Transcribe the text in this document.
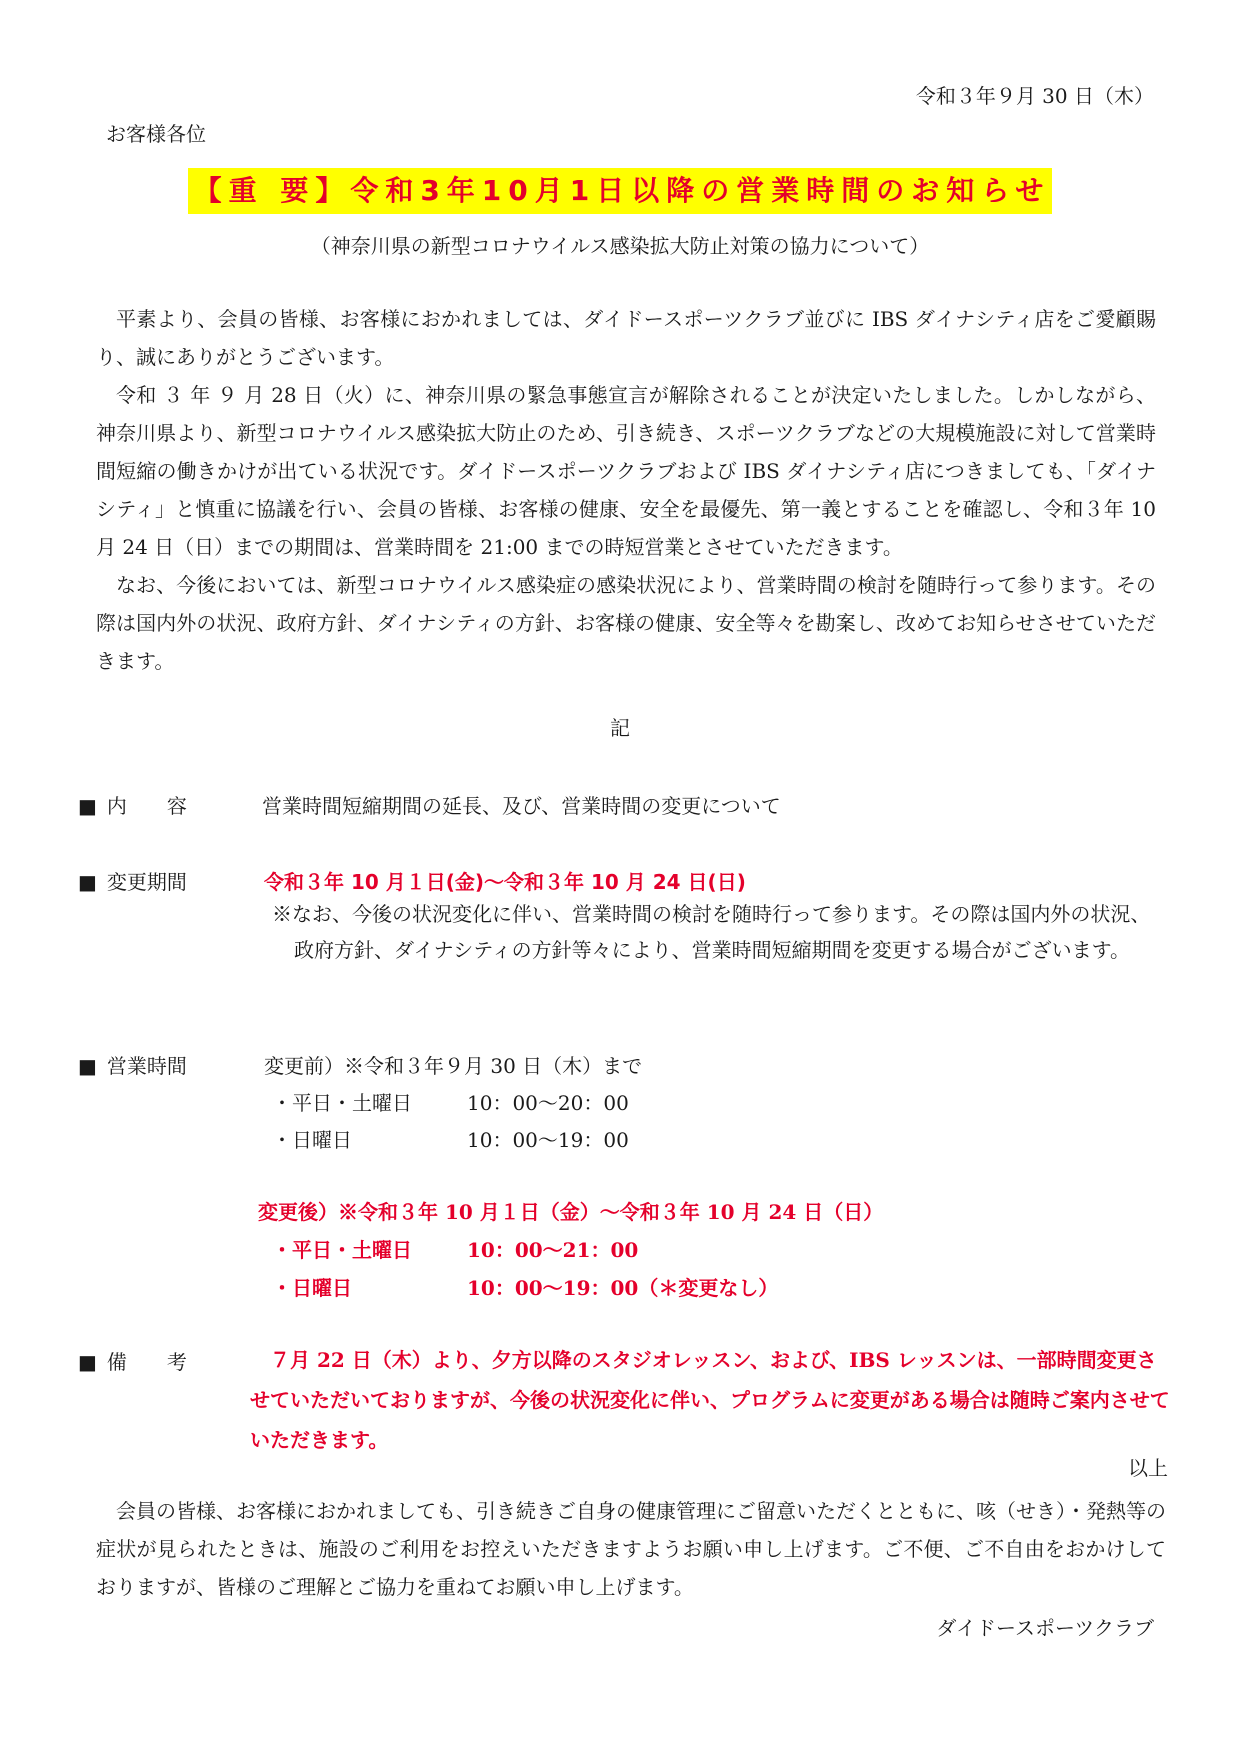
令和３年９月 30 日（木）
お客様各位
【重 要】令和3年10月1日以降の営業時間のお知らせ
（神奈川県の新型コロナウイルス感染拡大防止対策の協力について）

平素より、会員の皆様、お客様におかれましては、ダイドースポーツクラブ並びに IBS ダイナシティ店をご愛顧賜り、誠にありがとうございます。

令和 ３ 年 ９ 月 28 日（火）に、神奈川県の緊急事態宣言が解除されることが決定いたしました。しかしながら、神奈川県より、新型コロナウイルス感染拡大防止のため、引き続き、スポーツクラブなどの大規模施設に対して営業時間短縮の働きかけが出ている状況です。ダイドースポーツクラブおよび IBS ダイナシティ店につきましても、「ダイナシティ」と慎重に協議を行い、会員の皆様、お客様の健康、安全を最優先、第一義とすることを確認し、令和３年 10 月 24 日（日）までの期間は、営業時間を 21:00 までの時短営業とさせていただきます。

なお、今後においては、新型コロナウイルス感染症の感染状況により、営業時間の検討を随時行って参ります。その際は国内外の状況、政府方針、ダイナシティの方針、お客様の健康、安全等々を勘案し、改めてお知らせさせていただきます。

記
■ 内　　容	営業時間短縮期間の延長、及び、営業時間の変更について
■ 変更期間	令和３年 10 月１日(金)～令和３年 10 月 24 日(日)
※なお、今後の状況変化に伴い、営業時間の検討を随時行って参ります。その際は国内外の状況、政府方針、ダイナシティの方針等々により、営業時間短縮期間を変更する場合がございます。
■ 営業時間	変更前）※令和３年９月 30 日（木）まで
・平日・土曜日	10：00～20：00
・日曜日	10：00～19：00
変更後）※令和３年 10 月１日（金）～令和３年 10 月 24 日（日）
・平日・土曜日	10：00～21：00
・日曜日	10：00～19：00（＊変更なし）
■ 備　　考	７月 22 日（木）より、夕方以降のスタジオレッスン、および、IBS レッスンは、一部時間変更させていただいておりますが、今後の状況変化に伴い、プログラムに変更がある場合は随時ご案内させていただきます。
以上

会員の皆様、お客様におかれましても、引き続きご自身の健康管理にご留意いただくとともに、咳（せき）・発熱等の症状が見られたときは、施設のご利用をお控えいただきますようお願い申し上げます。ご不便、ご不自由をおかけしておりますが、皆様のご理解とご協力を重ねてお願い申し上げます。

ダイドースポーツクラブ
